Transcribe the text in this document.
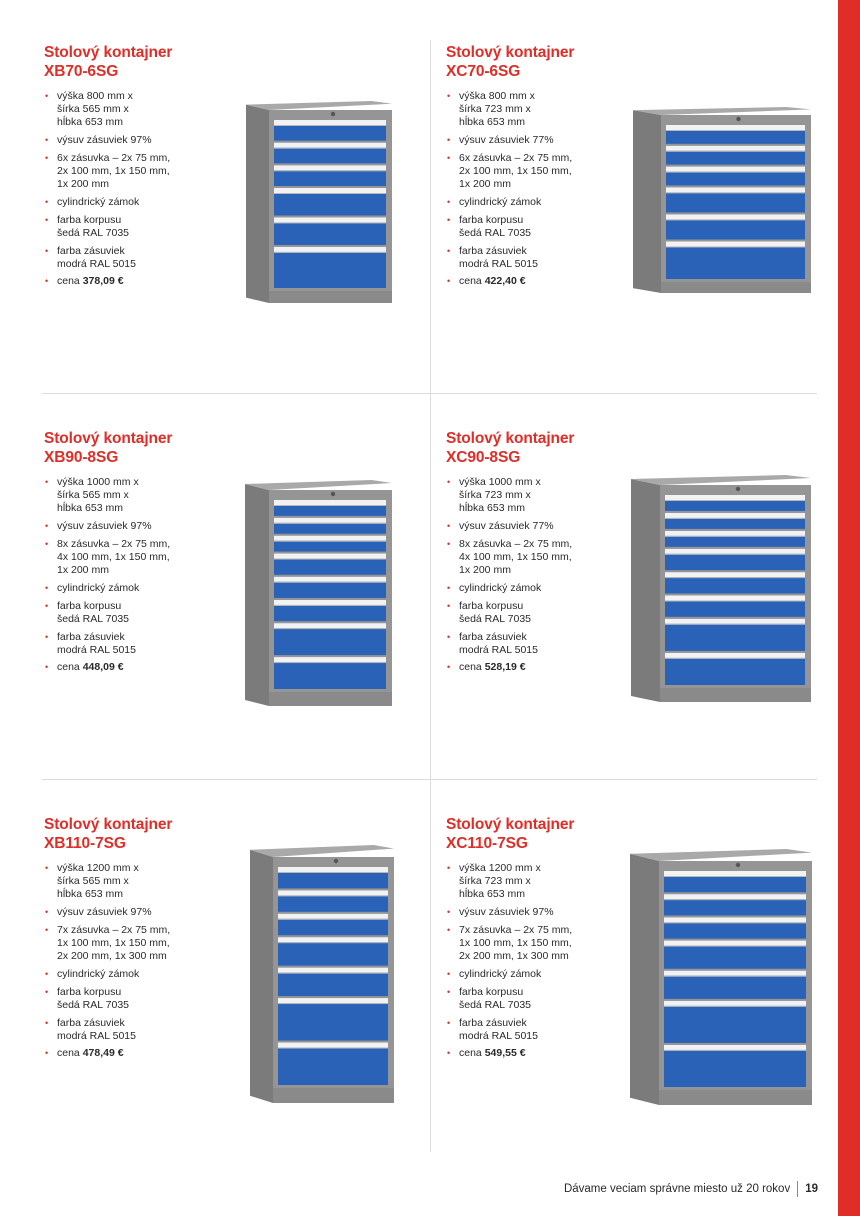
Stolový kontajner
XB70-6SG
• výška 800 mm x
šírka 565 mm x
hĺbka 653 mm
• výsuv zásuviek 97%
• 6x zásuvka – 2x 75 mm,
2x 100 mm, 1x 150 mm,
1x 200 mm
• cylindrický zámok
• farba korpusu
šedá RAL 7035
• farba zásuviek
modrá RAL 5015
• cena 378,09 €
Stolový kontajner
XC70-6SG
• výška 800 mm x
šírka 723 mm x
hĺbka 653 mm
• výsuv zásuviek 77%
• 6x zásuvka – 2x 75 mm,
2x 100 mm, 1x 150 mm,
1x 200 mm
• cylindrický zámok
• farba korpusu
šedá RAL 7035
• farba zásuviek
modrá RAL 5015
• cena 422,40 €
Stolový kontajner
XB90-8SG
• výška 1000 mm x
šírka 565 mm x
hĺbka 653 mm
• výsuv zásuviek 97%
• 8x zásuvka – 2x 75 mm,
4x 100 mm, 1x 150 mm,
1x 200 mm
• cylindrický zámok
• farba korpusu
šedá RAL 7035
• farba zásuviek
modrá RAL 5015
• cena 448,09 €
Stolový kontajner
XC90-8SG
• výška 1000 mm x
šírka 723 mm x
hĺbka 653 mm
• výsuv zásuviek 77%
• 8x zásuvka – 2x 75 mm,
4x 100 mm, 1x 150 mm,
1x 200 mm
• cylindrický zámok
• farba korpusu
šedá RAL 7035
• farba zásuviek
modrá RAL 5015
• cena 528,19 €
Stolový kontajner
XB110-7SG
• výška 1200 mm x
šírka 565 mm x
hĺbka 653 mm
• výsuv zásuviek 97%
• 7x zásuvka – 2x 75 mm,
1x 100 mm, 1x 150 mm,
2x 200 mm, 1x 300 mm
• cylindrický zámok
• farba korpusu
šedá RAL 7035
• farba zásuviek
modrá RAL 5015
• cena 478,49 €
Stolový kontajner
XC110-7SG
• výška 1200 mm x
šírka 723 mm x
hĺbka 653 mm
• výsuv zásuviek 97%
• 7x zásuvka – 2x 75 mm,
1x 100 mm, 1x 150 mm,
2x 200 mm, 1x 300 mm
• cylindrický zámok
• farba korpusu
šedá RAL 7035
• farba zásuviek
modrá RAL 5015
• cena 549,55 €
Dávame veciam správne miesto už 20 rokov 19
